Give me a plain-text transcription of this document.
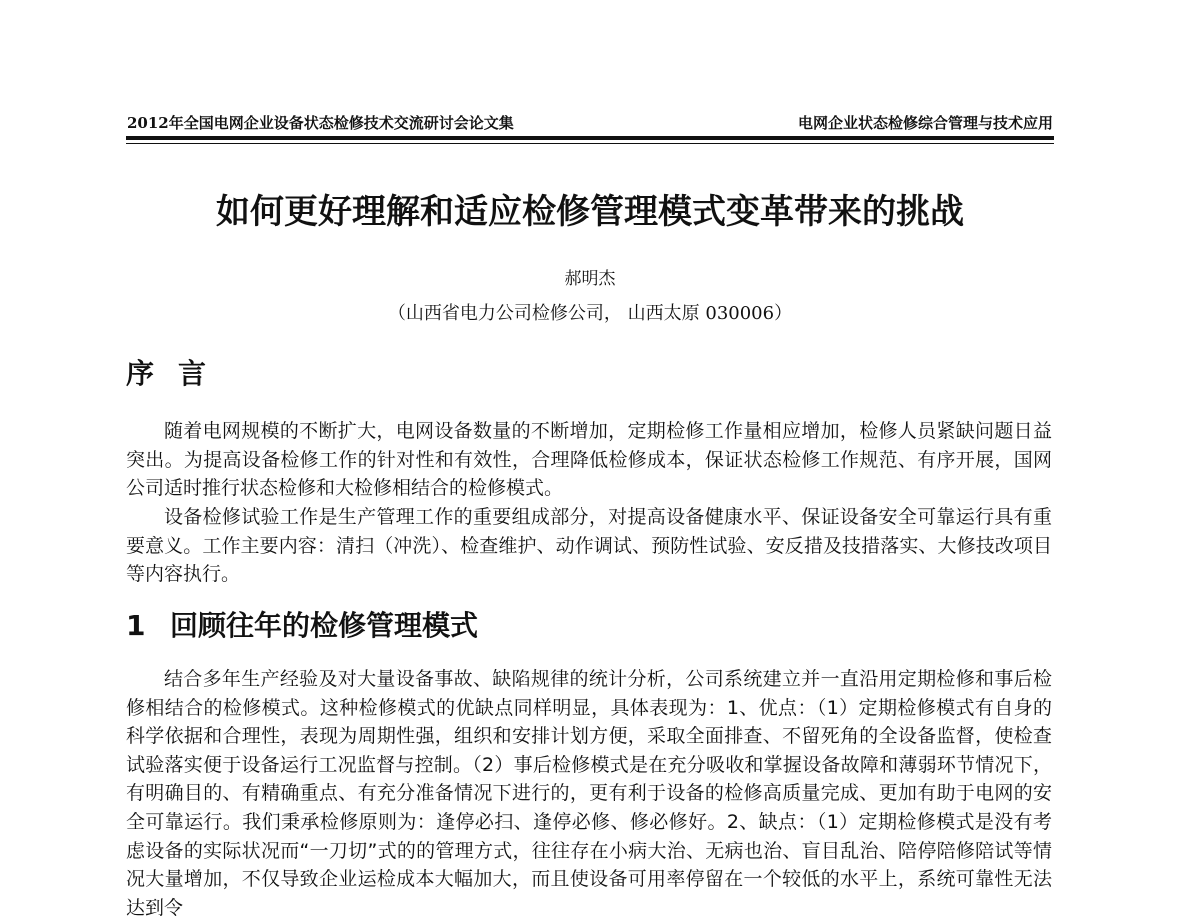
2012年全国电网企业设备状态检修技术交流研讨会论文集	电网企业状态检修综合管理与技术应用
如何更好理解和适应检修管理模式变革带来的挑战
郝明杰
（山西省电力公司检修公司， 山西太原 030006）
序言

随着电网规模的不断扩大，电网设备数量的不断增加，定期检修工作量相应增加，检修人员紧缺问题日益突出。为提高设备检修工作的针对性和有效性，合理降低检修成本，保证状态检修工作规范、有序开展，国网公司适时推行状态检修和大检修相结合的检修模式。

设备检修试验工作是生产管理工作的重要组成部分，对提高设备健康水平、保证设备安全可靠运行具有重要意义。工作主要内容：清扫（冲洗）、检查维护、动作调试、预防性试验、安反措及技措落实、大修技改项目等内容执行。

1 回顾往年的检修管理模式

结合多年生产经验及对大量设备事故、缺陷规律的统计分析，公司系统建立并一直沿用定期检修和事后检修相结合的检修模式。这种检修模式的优缺点同样明显，具体表现为：1、优点：（1）定期检修模式有自身的科学依据和合理性，表现为周期性强，组织和安排计划方便，采取全面排查、不留死角的全设备监督，使检查试验落实便于设备运行工况监督与控制。（2）事后检修模式是在充分吸收和掌握设备故障和薄弱环节情况下，有明确目的、有精确重点、有充分准备情况下进行的，更有利于设备的检修高质量完成、更加有助于电网的安全可靠运行。我们秉承检修原则为：逢停必扫、逢停必修、修必修好。2、缺点：（1）定期检修模式是没有考虑设备的实际状况而“一刀切”式的的管理方式，往往存在小病大治、无病也治、盲目乱治、陪停陪修陪试等情况大量增加，不仅导致企业运检成本大幅加大，而且使设备可用率停留在一个较低的水平上，系统可靠性无法达到令
